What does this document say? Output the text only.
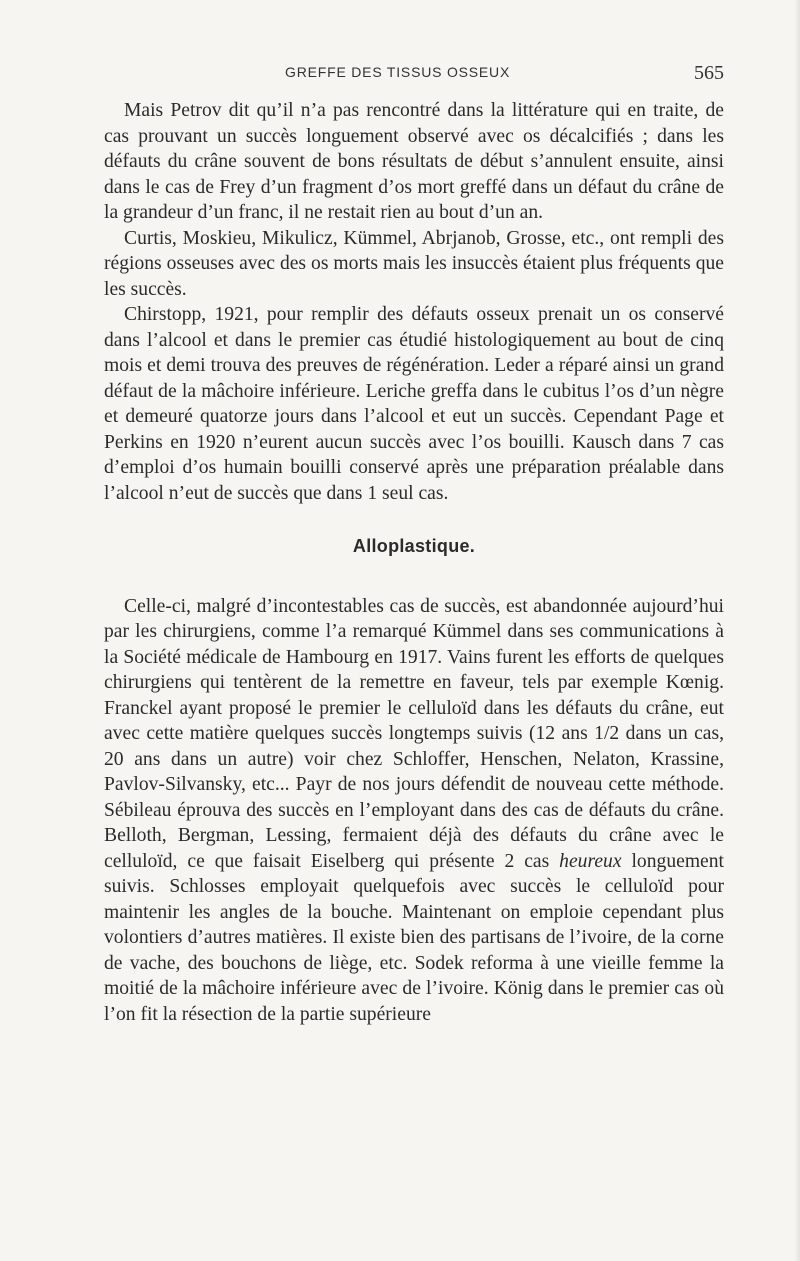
GREFFE DES TISSUS OSSEUX	565

Mais Petrov dit qu’il n’a pas rencontré dans la littérature qui en traite, de cas prouvant un succès longuement observé avec os décalcifiés ; dans les défauts du crâne souvent de bons résultats de début s’annulent ensuite, ainsi dans le cas de Frey d’un fragment d’os mort greffé dans un défaut du crâne de la grandeur d’un franc, il ne restait rien au bout d’un an.

Curtis, Moskieu, Mikulicz, Kümmel, Abrjanob, Grosse, etc., ont rempli des régions osseuses avec des os morts mais les insuccès étaient plus fréquents que les succès.

Chirstopp, 1921, pour remplir des défauts osseux prenait un os conservé dans l’alcool et dans le premier cas étudié histologiquement au bout de cinq mois et demi trouva des preuves de régénération. Leder a réparé ainsi un grand défaut de la mâchoire inférieure. Leriche greffa dans le cubitus l’os d’un nègre et demeuré quatorze jours dans l’alcool et eut un succès. Cependant Page et Perkins en 1920 n’eurent aucun succès avec l’os bouilli. Kausch dans 7 cas d’emploi d’os humain bouilli conservé après une préparation préalable dans l’alcool n’eut de succès que dans 1 seul cas.

Alloplastique.

Celle-ci, malgré d’incontestables cas de succès, est abandonnée aujourd’hui par les chirurgiens, comme l’a remarqué Kümmel dans ses communications à la Société médicale de Hambourg en 1917. Vains furent les efforts de quelques chirurgiens qui tentèrent de la remettre en faveur, tels par exemple Kœnig. Franckel ayant proposé le premier le celluloïd dans les défauts du crâne, eut avec cette matière quelques succès longtemps suivis (12 ans 1/2 dans un cas, 20 ans dans un autre) voir chez Schloffer, Henschen, Nelaton, Krassine, Pavlov-Silvansky, etc... Payr de nos jours défendit de nouveau cette méthode. Sébileau éprouva des succès en l’employant dans des cas de défauts du crâne. Belloth, Bergman, Lessing, fermaient déjà des défauts du crâne avec le celluloïd, ce que faisait Eiselberg qui présente 2 cas heureux longuement suivis. Schlosses employait quelquefois avec succès le celluloïd pour maintenir les angles de la bouche. Maintenant on emploie cependant plus volontiers d’autres matières. Il existe bien des partisans de l’ivoire, de la corne de vache, des bouchons de liège, etc. Sodek reforma à une vieille femme la moitié de la mâchoire inférieure avec de l’ivoire. König dans le premier cas où l’on fit la résection de la partie supérieure
